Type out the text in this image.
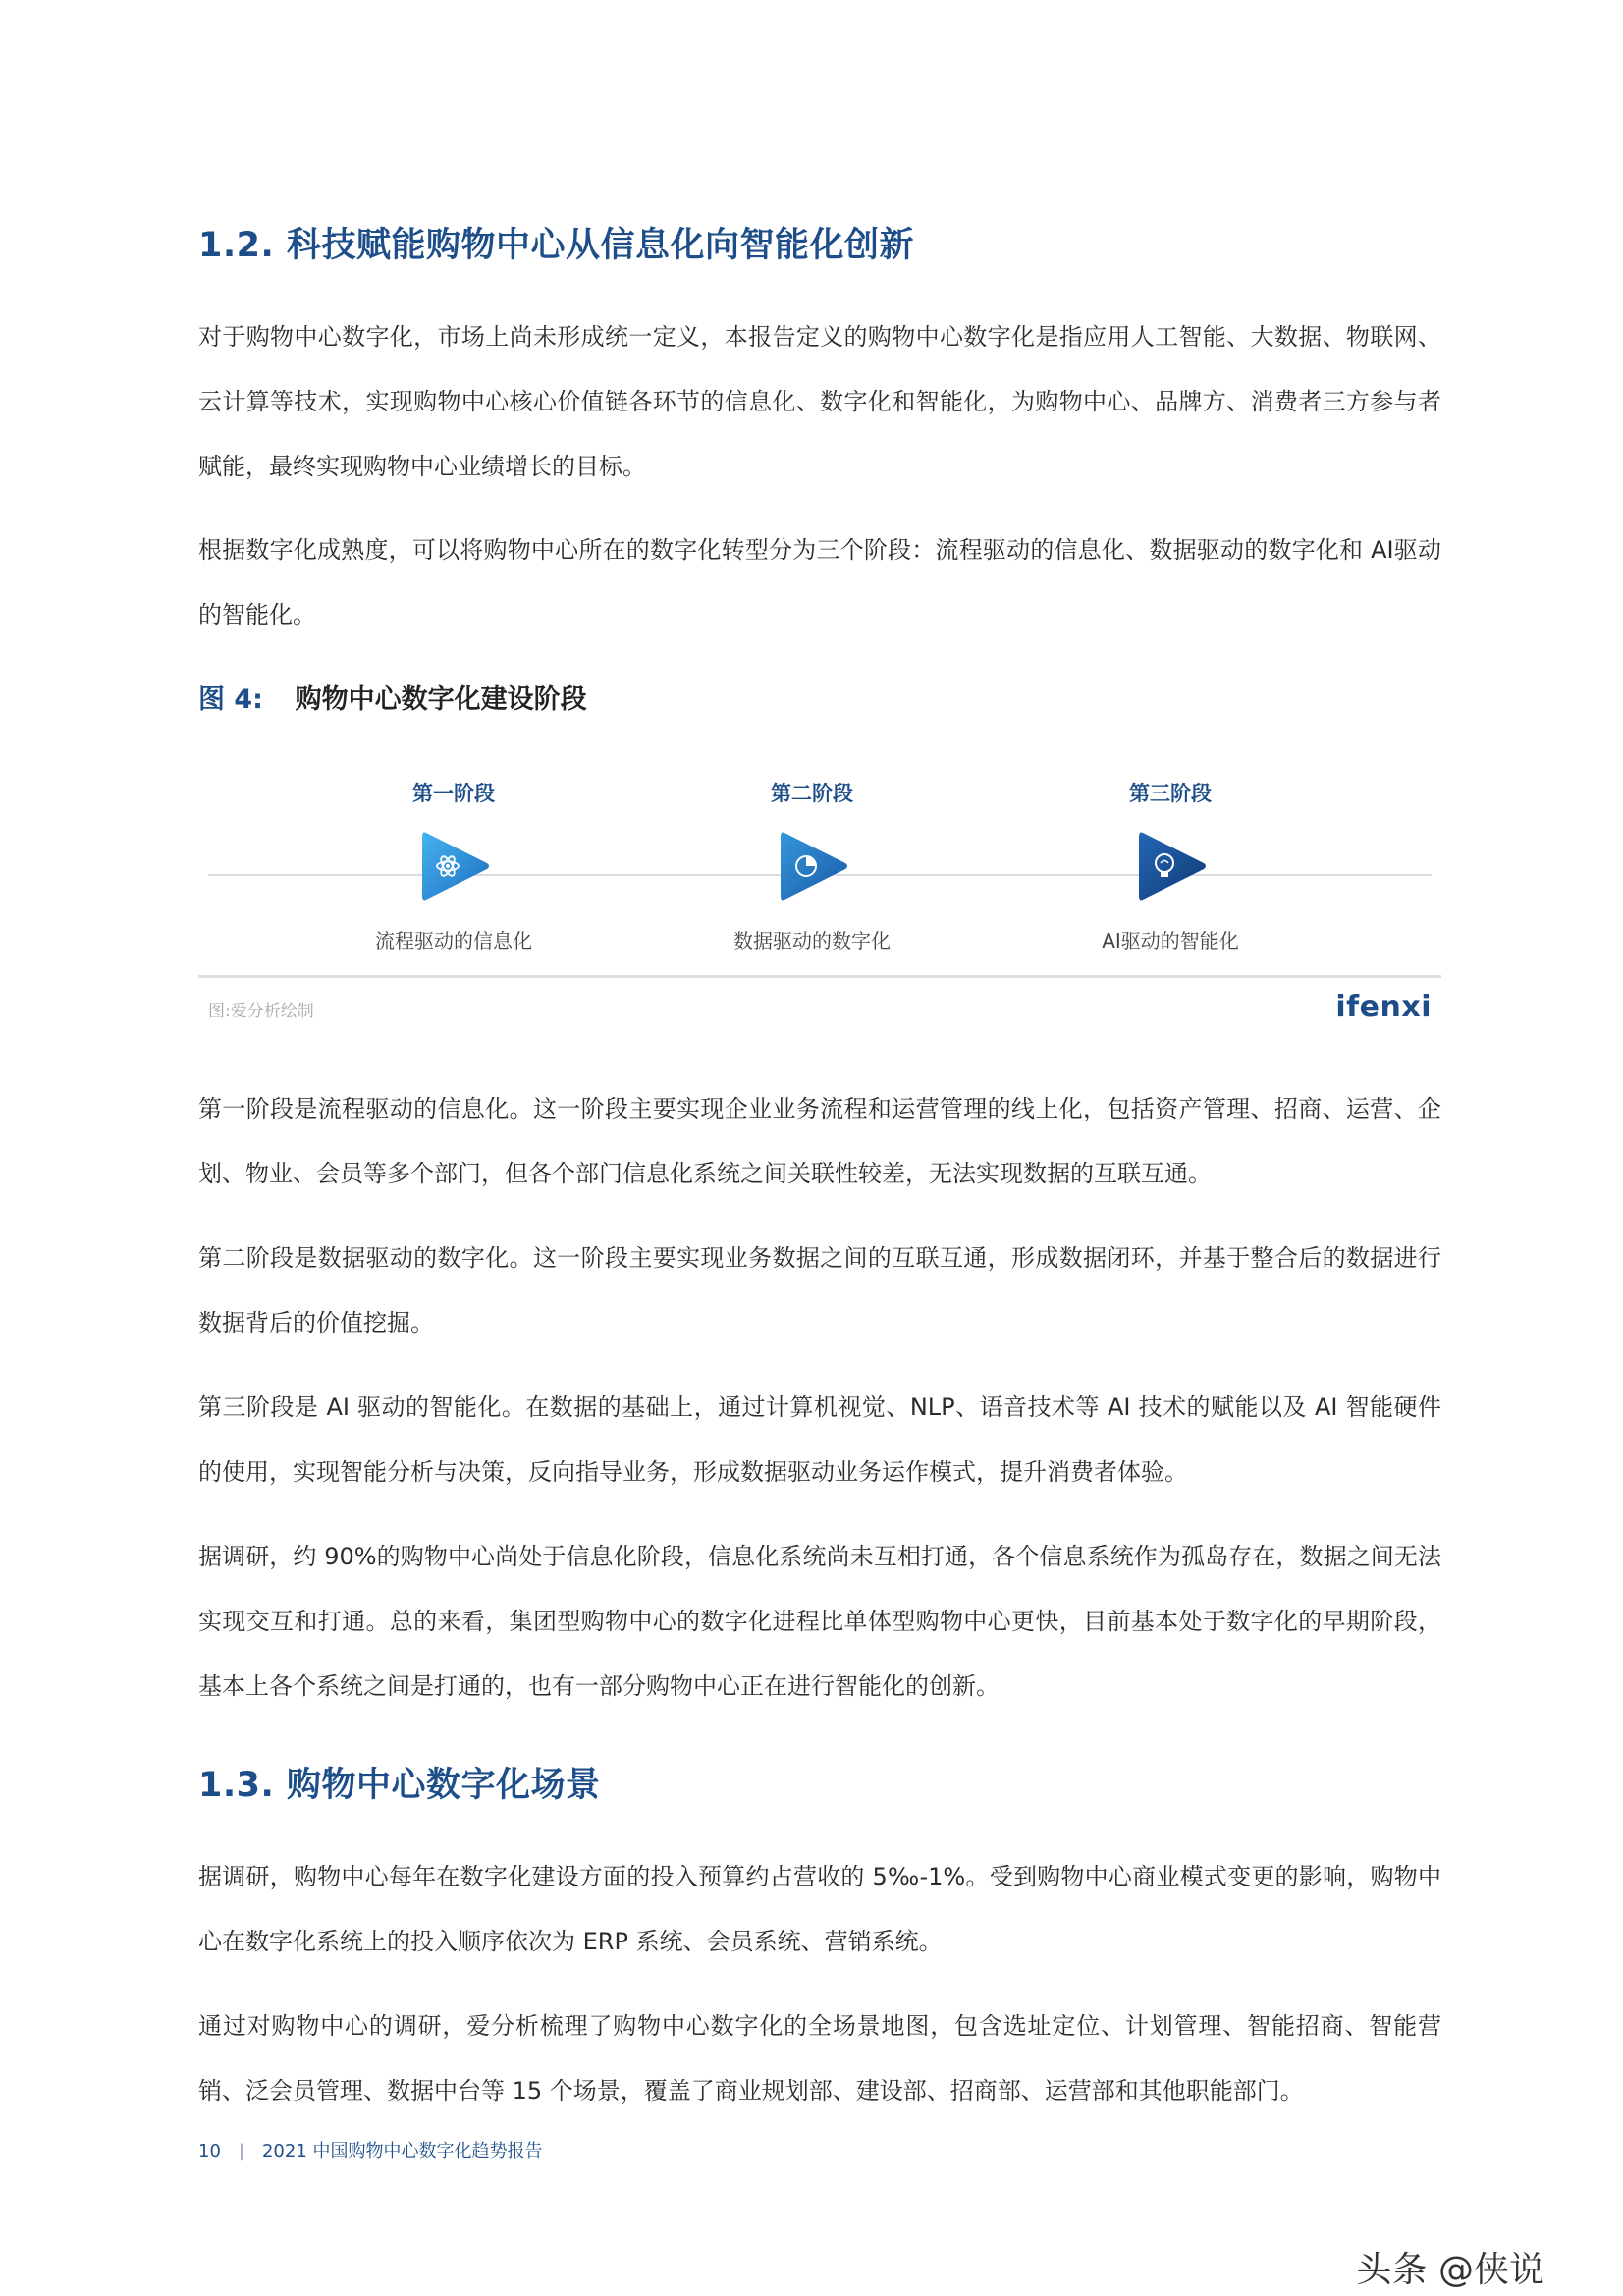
1.2. 科技赋能购物中心从信息化向智能化创新

对于购物中心数字化，市场上尚未形成统一定义，本报告定义的购物中心数字化是指应用人工智能、大数据、物联网、云计算等技术，实现购物中心核心价值链各环节的信息化、数字化和智能化，为购物中心、品牌方、消费者三方参与者赋能，最终实现购物中心业绩增长的目标。

根据数字化成熟度，可以将购物中心所在的数字化转型分为三个阶段：流程驱动的信息化、数据驱动的数字化和 AI驱动的智能化。

图 4: 购物中心数字化建设阶段
第一阶段
流程驱动的信息化
第二阶段
数据驱动的数字化
第三阶段
AI驱动的智能化
图:爱分析绘制	ifenxi

第一阶段是流程驱动的信息化。这一阶段主要实现企业业务流程和运营管理的线上化，包括资产管理、招商、运营、企划、物业、会员等多个部门，但各个部门信息化系统之间关联性较差，无法实现数据的互联互通。

第二阶段是数据驱动的数字化。这一阶段主要实现业务数据之间的互联互通，形成数据闭环，并基于整合后的数据进行数据背后的价值挖掘。

第三阶段是 AI 驱动的智能化。在数据的基础上，通过计算机视觉、NLP、语音技术等 AI 技术的赋能以及 AI 智能硬件的使用，实现智能分析与决策，反向指导业务，形成数据驱动业务运作模式，提升消费者体验。

据调研，约 90%的购物中心尚处于信息化阶段，信息化系统尚未互相打通，各个信息系统作为孤岛存在，数据之间无法实现交互和打通。总的来看，集团型购物中心的数字化进程比单体型购物中心更快，目前基本处于数字化的早期阶段，基本上各个系统之间是打通的，也有一部分购物中心正在进行智能化的创新。

1.3. 购物中心数字化场景

据调研，购物中心每年在数字化建设方面的投入预算约占营收的 5‰-1%。受到购物中心商业模式变更的影响，购物中心在数字化系统上的投入顺序依次为 ERP 系统、会员系统、营销系统。

通过对购物中心的调研，爱分析梳理了购物中心数字化的全场景地图，包含选址定位、计划管理、智能招商、智能营销、泛会员管理、数据中台等 15 个场景，覆盖了商业规划部、建设部、招商部、运营部和其他职能部门。

10 | 2021 中国购物中心数字化趋势报告
头条 @侠说
